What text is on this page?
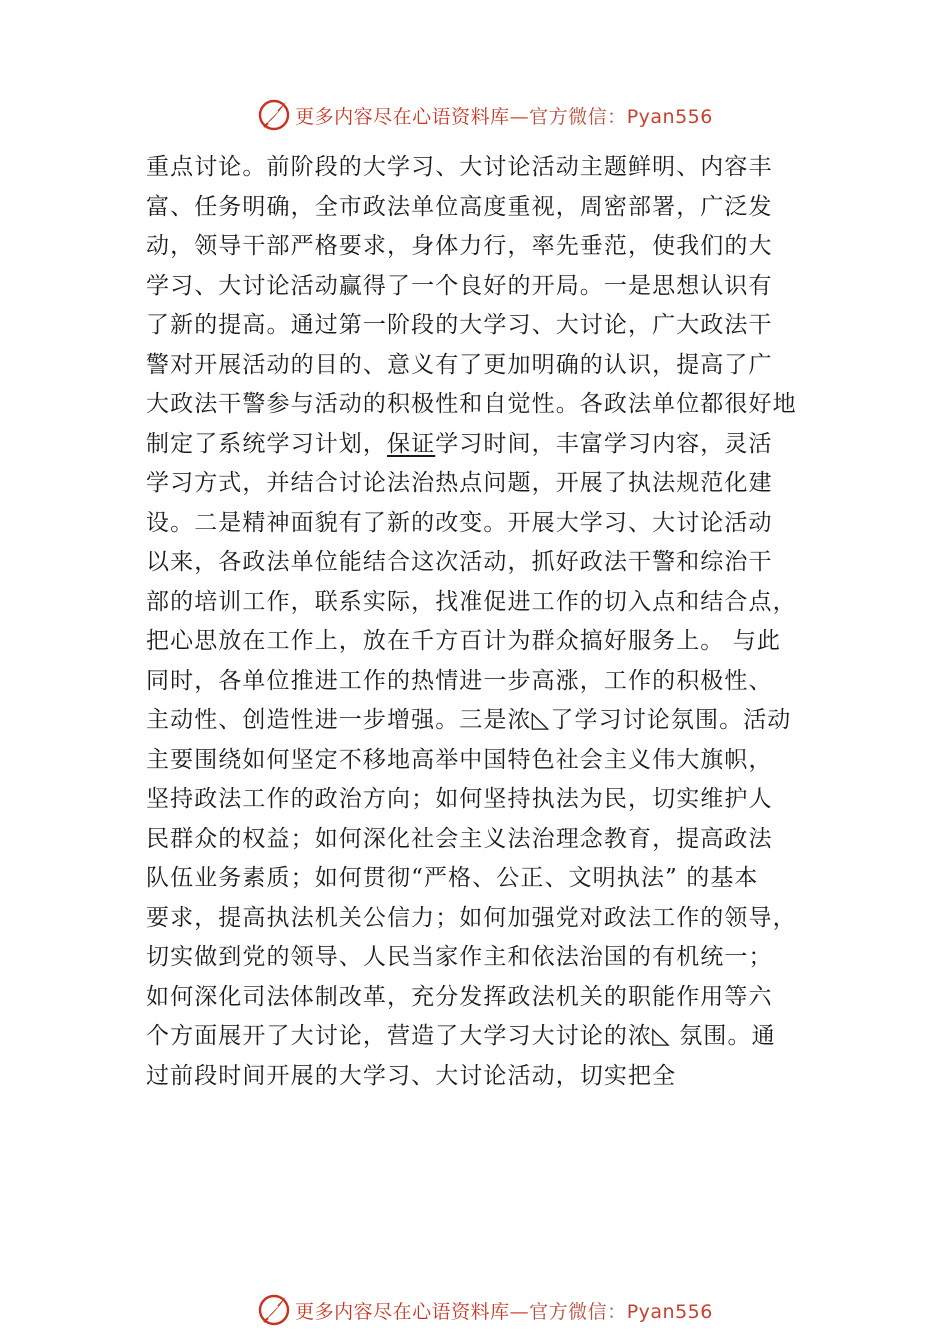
更多内容尽在心语资料库—官方微信：Pyan556
重点讨论。前阶段的大学习、大讨论活动主题鲜明、内容丰
富、任务明确，全市政法单位高度重视，周密部署，广泛发
动，领导干部严格要求，身体力行，率先垂范，使我们的大
学习、大讨论活动赢得了一个良好的开局。一是思想认识有
了新的提高。通过第一阶段的大学习、大讨论，广大政法干
警对开展活动的目的、意义有了更加明确的认识，提高了广
大政法干警参与活动的积极性和自觉性。各政法单位都很好地
制定了系统学习计划，保证学习时间，丰富学习内容，灵活
学习方式，并结合讨论法治热点问题，开展了执法规范化建
设。二是精神面貌有了新的改变。开展大学习、大讨论活动
以来，各政法单位能结合这次活动，抓好政法干警和综治干
部的培训工作，联系实际，找准促进工作的切入点和结合点，
把心思放在工作上，放在千方百计为群众搞好服务上。 与此
同时，各单位推进工作的热情进一步高涨，工作的积极性、
主动性、创造性进一步增强。三是浓◺了学习讨论氛围。活动
主要围绕如何坚定不移地高举中国特色社会主义伟大旗帜，
坚持政法工作的政治方向；如何坚持执法为民，切实维护人
民群众的权益；如何深化社会主义法治理念教育，提高政法
队伍业务素质；如何贯彻“严格、公正、文明执法” 的基本
要求，提高执法机关公信力；如何加强党对政法工作的领导，
切实做到党的领导、人民当家作主和依法治国的有机统一；
如何深化司法体制改革，充分发挥政法机关的职能作用等六
个方面展开了大讨论，营造了大学习大讨论的浓◺ 氛围。通
过前段时间开展的大学习、大讨论活动，切实把全
更多内容尽在心语资料库—官方微信：Pyan556
